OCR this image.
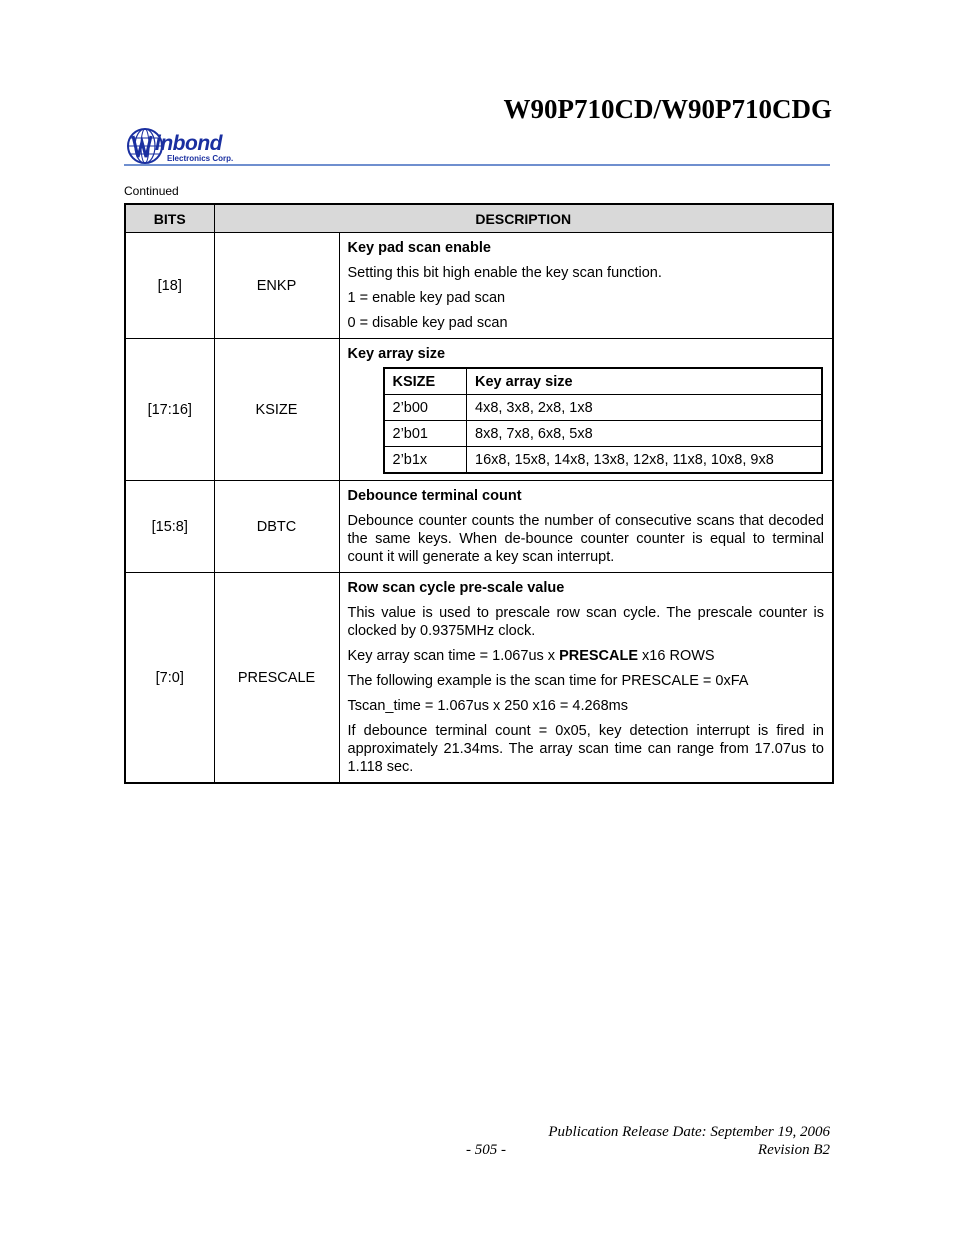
W90P710CD/W90P710CDG
inbond
Electronics Corp.
Continued
BITS	DESCRIPTION
[18]	ENKP	
Key pad scan enable
Setting this bit high enable the key scan function.
1 = enable key pad scan
0 = disable key pad scan

[17:16]	KSIZE	
Key array size
KSIZE	Key array size
2’b00	4x8, 3x8, 2x8, 1x8
2’b01	8x8, 7x8, 6x8, 5x8
2’b1x	16x8, 15x8, 14x8, 13x8, 12x8, 11x8, 10x8, 9x8

[15:8]	DBTC	
Debounce terminal count
Debounce counter counts the number of consecutive scans that decoded the same keys. When de-bounce counter counter is equal to terminal count it will generate a key scan interrupt.

[7:0]	PRESCALE	
Row scan cycle pre-scale value
This value is used to prescale row scan cycle. The prescale counter is clocked by 0.9375MHz clock.
Key array scan time = 1.067us x PRESCALE x16 ROWS
The following example is the scan time for PRESCALE = 0xFA
Tscan_time = 1.067us x 250 x16 = 4.268ms
If debounce terminal count = 0x05, key detection interrupt is fired in approximately 21.34ms. The array scan time can range from 17.07us to 1.118 sec.
Publication Release Date: September 19, 2006
- 505 -	Revision B2
